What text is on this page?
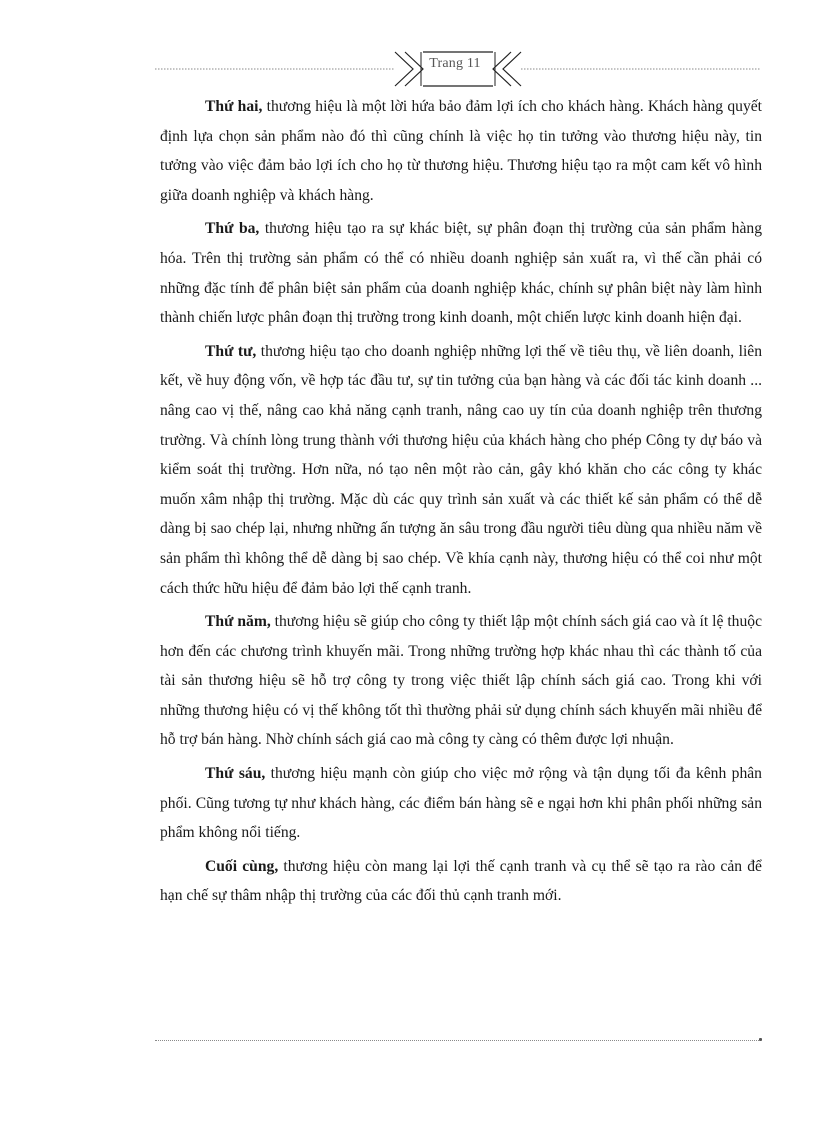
Trang 11

Thứ hai, thương hiệu là một lời hứa bảo đảm lợi ích cho khách hàng. Khách hàng quyết định lựa chọn sản phẩm nào đó thì cũng chính là việc họ tin tưởng vào thương hiệu này, tin tưởng vào việc đảm bảo lợi ích cho họ từ thương hiệu. Thương hiệu tạo ra một cam kết vô hình giữa doanh nghiệp và khách hàng.

Thứ ba, thương hiệu tạo ra sự khác biệt, sự phân đoạn thị trường của sản phẩm hàng hóa. Trên thị trường sản phẩm có thể có nhiều doanh nghiệp sản xuất ra, vì thế cần phải có những đặc tính để phân biệt sản phẩm của doanh nghiệp khác, chính sự phân biệt này làm hình thành chiến lược phân đoạn thị trường trong kinh doanh, một chiến lược kinh doanh hiện đại.

Thứ tư, thương hiệu tạo cho doanh nghiệp những lợi thế về tiêu thụ, về liên doanh, liên kết, về huy động vốn, về hợp tác đầu tư, sự tin tưởng của bạn hàng và các đối tác kinh doanh ... nâng cao vị thế, nâng cao khả năng cạnh tranh, nâng cao uy tín của doanh nghiệp trên thương trường. Và chính lòng trung thành với thương hiệu của khách hàng cho phép Công ty dự báo và kiểm soát thị trường. Hơn nữa, nó tạo nên một rào cản, gây khó khăn cho các công ty khác muốn xâm nhập thị trường. Mặc dù các quy trình sản xuất và các thiết kế sản phẩm có thể dễ dàng bị sao chép lại, nhưng những ấn tượng ăn sâu trong đầu người tiêu dùng qua nhiều năm về sản phẩm thì không thể dễ dàng bị sao chép. Về khía cạnh này, thương hiệu có thể coi như một cách thức hữu hiệu để đảm bảo lợi thế cạnh tranh.

Thứ năm, thương hiệu sẽ giúp cho công ty thiết lập một chính sách giá cao và ít lệ thuộc hơn đến các chương trình khuyến mãi. Trong những trường hợp khác nhau thì các thành tố của tài sản thương hiệu sẽ hỗ trợ công ty trong việc thiết lập chính sách giá cao. Trong khi với những thương hiệu có vị thế không tốt thì thường phải sử dụng chính sách khuyến mãi nhiều để hỗ trợ bán hàng. Nhờ chính sách giá cao mà công ty càng có thêm được lợi nhuận.

Thứ sáu, thương hiệu mạnh còn giúp cho việc mở rộng và tận dụng tối đa kênh phân phối. Cũng tương tự như khách hàng, các điểm bán hàng sẽ e ngại hơn khi phân phối những sản phẩm không nổi tiếng.

Cuối cùng, thương hiệu còn mang lại lợi thế cạnh tranh và cụ thể sẽ tạo ra rào cản để hạn chế sự thâm nhập thị trường của các đối thủ cạnh tranh mới.
